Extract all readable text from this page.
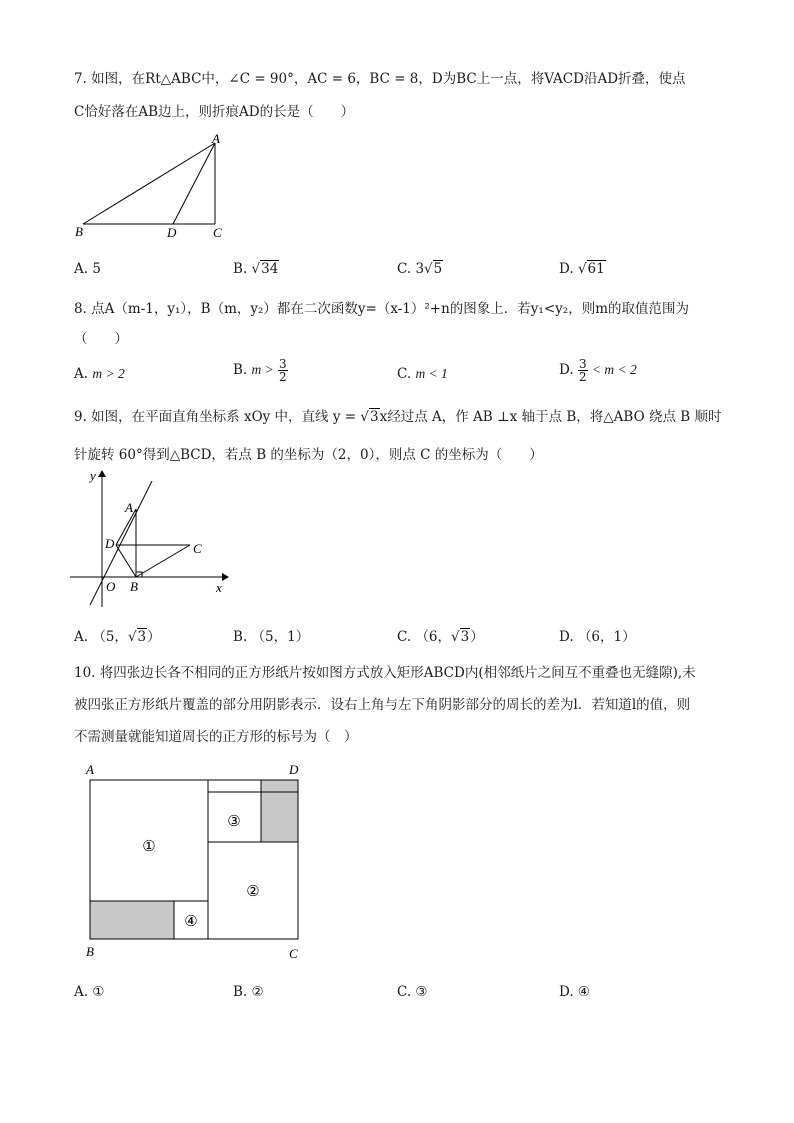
7. 如图，在Rt△ABC中，∠C = 90°，AC = 6，BC = 8，D为BC上一点，将VACD沿AD折叠，使点
C恰好落在AB边上，则折痕AD的长是（　　）
A
B	D	C
A. 5	B. √34	C. 3√5	D. √61
8. 点A（m-1，y₁），B（m，y₂）都在二次函数y=（x-1）²+n的图象上．若y₁<y₂，则m的取值范围为
（　　）
A. m > 2	B. $m > \frac{3}{2}$	C. m < 1	D. $\frac{3}{2} < m < 2$
9. 如图，在平面直角坐标系 xOy 中，直线 y = √3x经过点 A，作 AB ⊥x 轴于点 B，将△ABO 绕点 B 顺时
针旋转 60°得到△BCD，若点 B 的坐标为（2，0），则点 C 的坐标为（　　）
y
A
D	C
O B	x
A. （5，√3）	B. （5，1）	C. （6，√3）	D. （6，1）
10. 将四张边长各不相同的正方形纸片按如图方式放入矩形ABCD内(相邻纸片之间互不重叠也无缝隙),未
被四张正方形纸片覆盖的部分用阴影表示．设右上角与左下角阴影部分的周长的差为l．若知道l的值，则
不需测量就能知道周长的正方形的标号为（　）
A	D
B	C
①
②
③
④
A. ①	B. ②	C. ③	D. ④
